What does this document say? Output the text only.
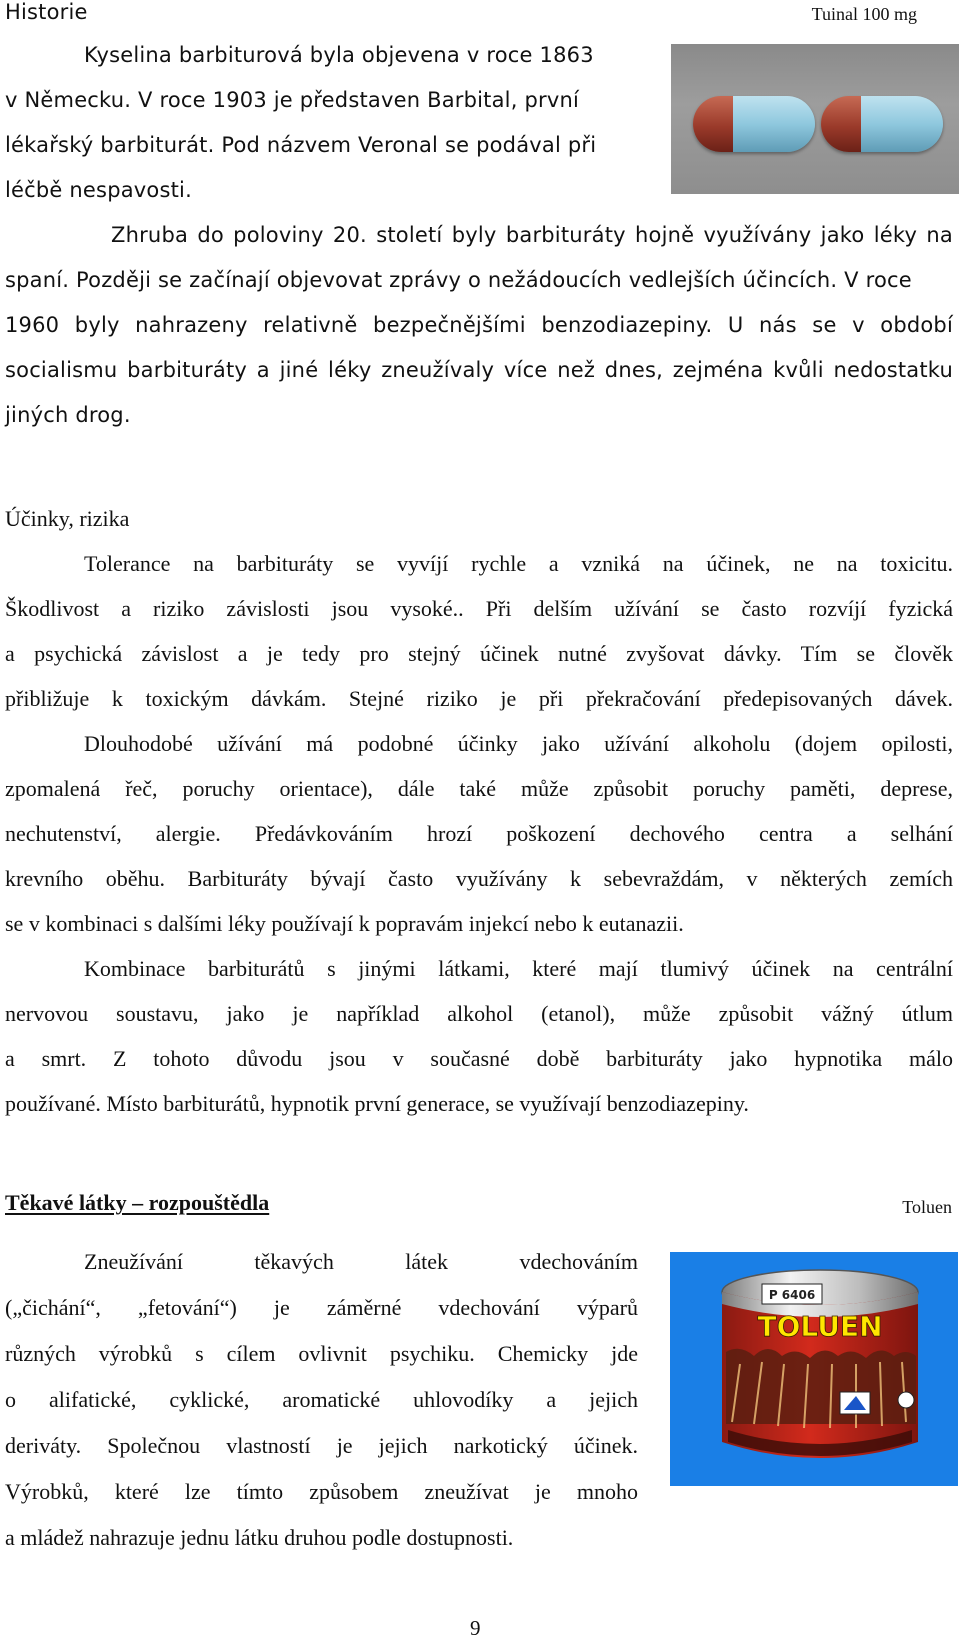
Historie	Tuinal 100 mg
Kyselina barbiturová byla objevena v roce 1863
v Německu. V roce 1903 je představen Barbital, první
lékařský barbiturát. Pod názvem Veronal se podával při
léčbě nespavosti.
Zhruba do poloviny 20. století byly barbituráty hojně využívány jako léky na
spaní. Později se začínají objevovat zprávy o nežádoucích vedlejších účincích. V roce
1960 byly nahrazeny relativně bezpečnějšími benzodiazepiny. U nás se v období
socialismu barbituráty a jiné léky zneužívaly více než dnes, zejména kvůli nedostatku
jiných drog.
Účinky, rizika
Tolerance na barbituráty se vyvíjí rychle a vzniká na účinek, ne na toxicitu.
Škodlivost a riziko závislosti jsou vysoké.. Při delším užívání se často rozvíjí fyzická
a psychická závislost a je tedy pro stejný účinek nutné zvyšovat dávky. Tím se člověk
přibližuje k toxickým dávkám. Stejné riziko je při překračování předepisovaných dávek.
Dlouhodobé užívání má podobné účinky jako užívání alkoholu (dojem opilosti,
zpomalená řeč, poruchy orientace), dále také může způsobit poruchy paměti, deprese,
nechutenství, alergie. Předávkováním hrozí poškození dechového centra a selhání
krevního oběhu. Barbituráty bývají často využívány k sebevraždám, v některých zemích
se v kombinaci s dalšími léky používají k popravám injekcí nebo k eutanazii.
Kombinace barbiturátů s jinými látkami, které mají tlumivý účinek na centrální
nervovou soustavu, jako je například alkohol (etanol), může způsobit vážný útlum
a smrt. Z tohoto důvodu jsou v současné době barbituráty jako hypnotika málo
používané. Místo barbiturátů, hypnotik první generace, se využívají benzodiazepiny.
Těkavé látky – rozpouštědla	Toluen
Zneužívání těkavých látek vdechováním
(„čichání“, „fetování“) je záměrné vdechování výparů
různých výrobků s cílem ovlivnit psychiku. Chemicky jde
o alifatické, cyklické, aromatické uhlovodíky a jejich
deriváty. Společnou vlastností je jejich narkotický účinek.
Výrobků, které lze tímto způsobem zneužívat je mnoho
a mládež nahrazuje jednu látku druhou podle dostupnosti.
P 6406
TOLUEN
9
